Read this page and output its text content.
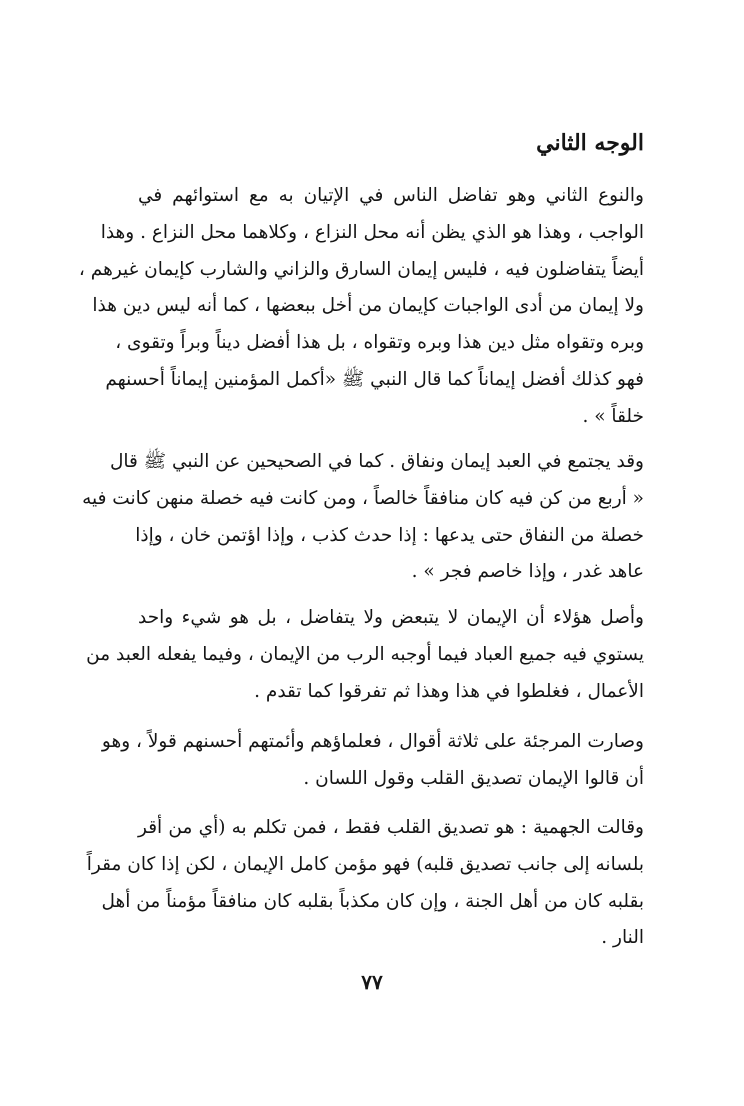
الوجه الثاني

والنوع الثاني وهو تفاضل الناس في الإتيان به مع استوائهم في
الواجب ، وهذا هو الذي يظن أنه محل النزاع ، وكلاهما محل النزاع . وهذا
أيضاً يتفاضلون فيه ، فليس إيمان السارق والزاني والشارب كإيمان غيرهم ،
ولا إيمان من أدى الواجبات كإيمان من أخل ببعضها ، كما أنه ليس دين هذا
وبره وتقواه مثل دين هذا وبره وتقواه ، بل هذا أفضل ديناً وبراً وتقوى ،
فهو كذلك أفضل إيماناً كما قال النبي ﷺ «أكمل المؤمنين إيماناً أحسنهم
خلقاً » .

وقد يجتمع في العبد إيمان ونفاق . كما في الصحيحين عن النبي ﷺ قال
« أربع من كن فيه كان منافقاً خالصاً ، ومن كانت فيه خصلة منهن كانت فيه
خصلة من النفاق حتى يدعها : إذا حدث كذب ، وإذا اؤتمن خان ، وإذا
عاهد غدر ، وإذا خاصم فجر » .

وأصل هؤلاء أن الإيمان لا يتبعض ولا يتفاضل ، بل هو شيء واحد
يستوي فيه جميع العباد فيما أوجبه الرب من الإيمان ، وفيما يفعله العبد من
الأعمال ، فغلطوا في هذا وهذا ثم تفرقوا كما تقدم .

وصارت المرجئة على ثلاثة أقوال ، فعلماؤهم وأئمتهم أحسنهم قولاً ، وهو
أن قالوا الإيمان تصديق القلب وقول اللسان .

وقالت الجهمية : هو تصديق القلب فقط ، فمن تكلم به (أي من أقر
بلسانه إلى جانب تصديق قلبه) فهو مؤمن كامل الإيمان ، لكن إذا كان مقراً
بقلبه كان من أهل الجنة ، وإن كان مكذباً بقلبه كان منافقاً مؤمناً من أهل
النار .

٧٧
